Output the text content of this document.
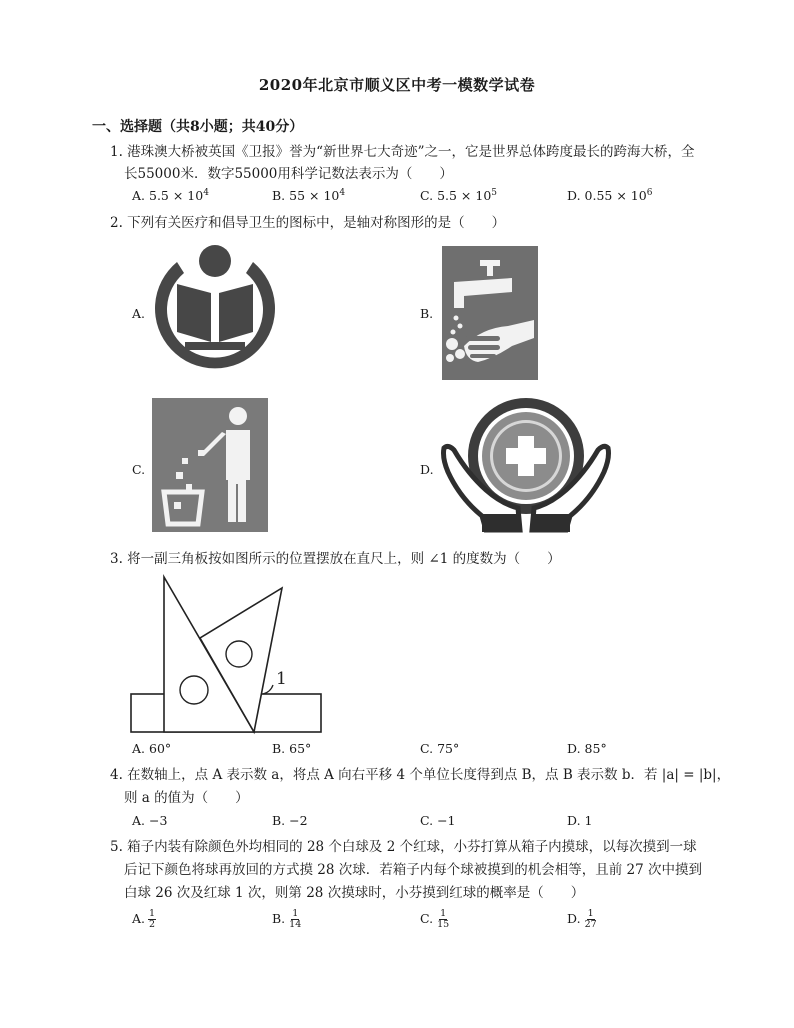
2020年北京市顺义区中考一模数学试卷
一、选择题（共8小题；共40分）
1. 港珠澳大桥被英国《卫报》誉为“新世界七大奇迹”之一，它是世界总体跨度最长的跨海大桥，全
长55000米．数字55000用科学记数法表示为（　　）
A. $5.5 \times 10^4$	B. $55 \times 10^4$	C. $5.5 \times 10^5$	D. $0.55 \times 10^6$
2. 下列有关医疗和倡导卫生的图标中，是轴对称图形的是（　　）
A.	B.
C.	D.
3. 将一副三角板按如图所示的位置摆放在直尺上，则 ∠1 的度数为（　　）
1
A. 60°	B. 65°	C. 75°	D. 85°
4. 在数轴上，点 A 表示数 a，将点 A 向右平移 4 个单位长度得到点 B，点 B 表示数 b．若 |a| = |b|，
则 a 的值为（　　）
A. −3	B. −2	C. −1	D. 1
5. 箱子内装有除颜色外均相同的 28 个白球及 2 个红球，小芬打算从箱子内摸球，以每次摸到一球
后记下颜色将球再放回的方式摸 28 次球．若箱子内每个球被摸到的机会相等，且前 27 次中摸到
白球 26 次及红球 1 次，则第 28 次摸球时，小芬摸到红球的概率是（　　）
A. $\frac{1}{2}$	B. $\frac{1}{14}$	C. $\frac{1}{15}$	D. $\frac{1}{27}$
